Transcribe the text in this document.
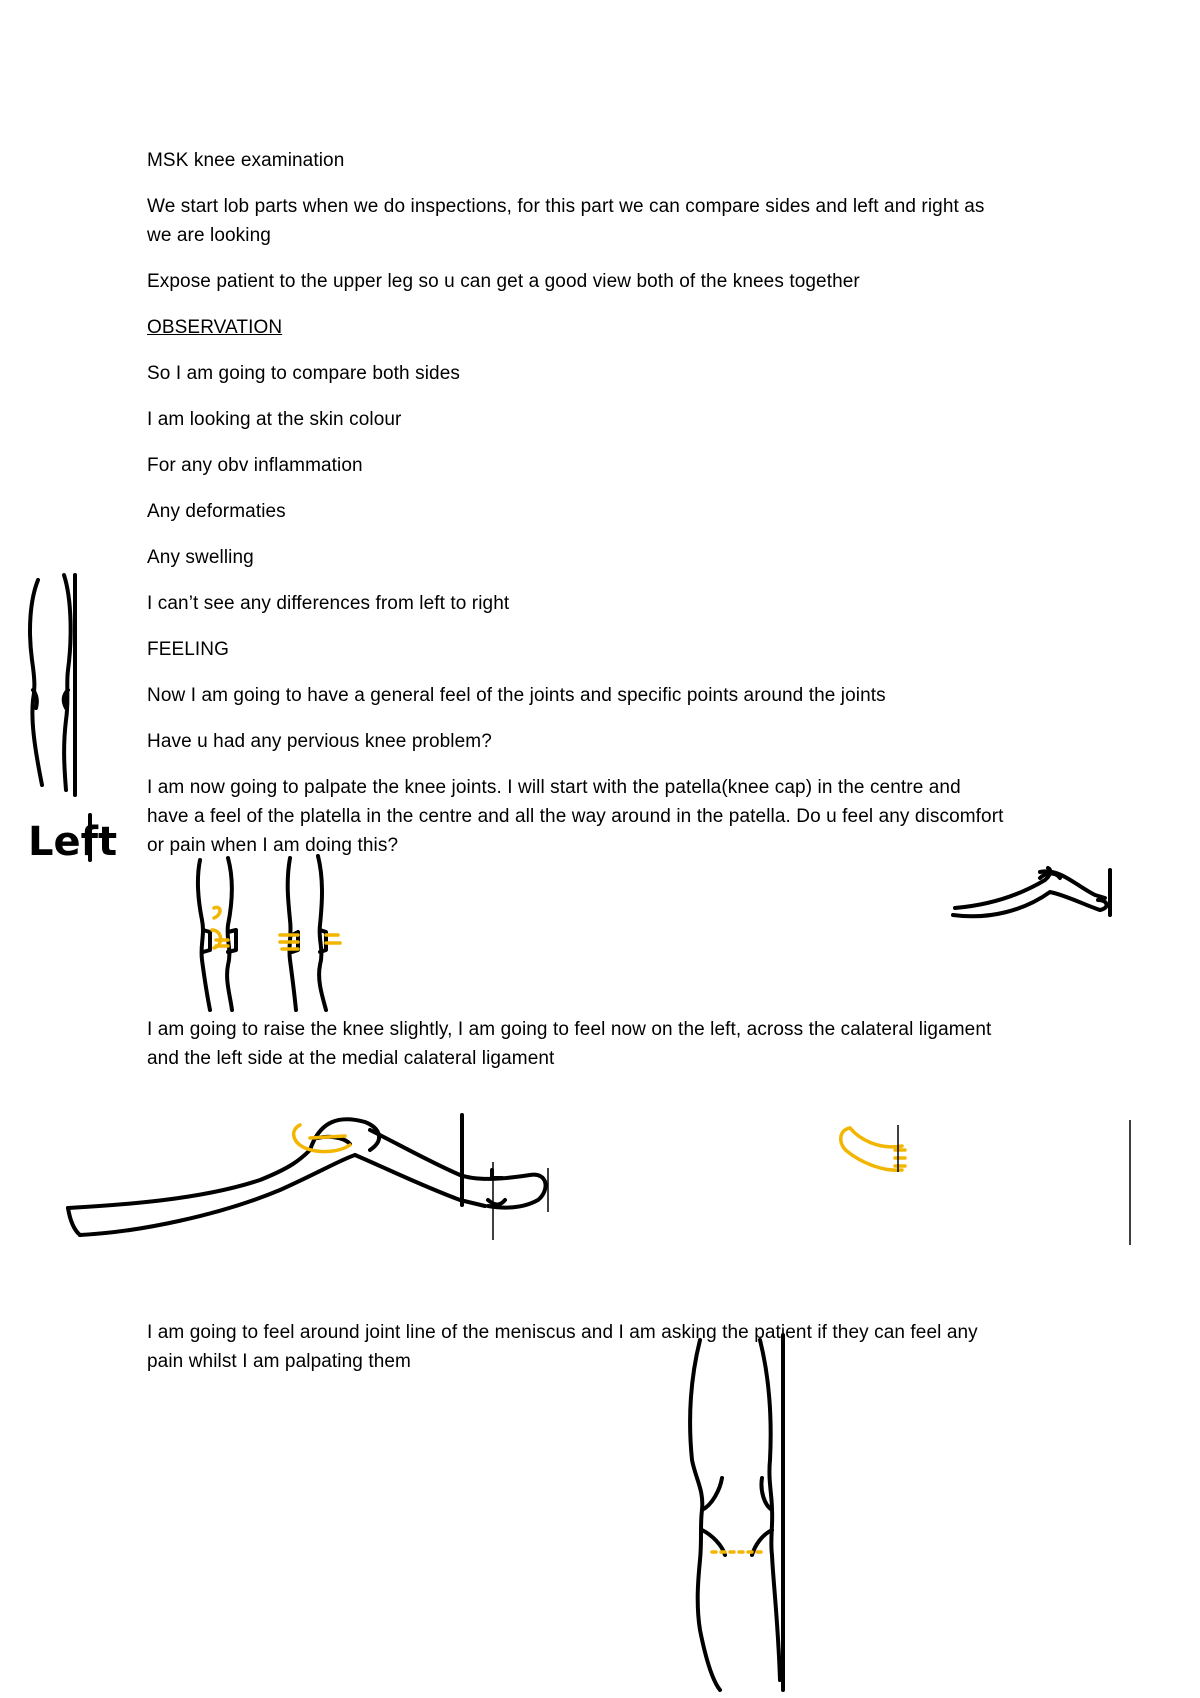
MSK knee examination
We start lob parts when we do inspections, for this part we can compare sides and left and right as
we are looking
Expose patient to the upper leg so u can get a good view both of the knees together
OBSERVATION
So I am going to compare both sides
I am looking at the skin colour
For any obv inflammation
Any deformaties
Any swelling
I can’t see any differences from left to right
FEELING
Now I am going to have a general feel of the joints and specific points around the joints
Have u had any pervious knee problem?
I am now going to palpate the knee joints. I will start with the patella(knee cap) in the centre and
have a feel of the platella in the centre and all the way around in the patella. Do u feel any discomfort
or pain when I am doing this?
I am going to raise the knee slightly, I am going to feel now on the left, across the calateral ligament
and the left side at the medial calateral ligament
I am going to feel around joint line of the meniscus and I am asking the patient if they can feel any
pain whilst I am palpating them
Left
